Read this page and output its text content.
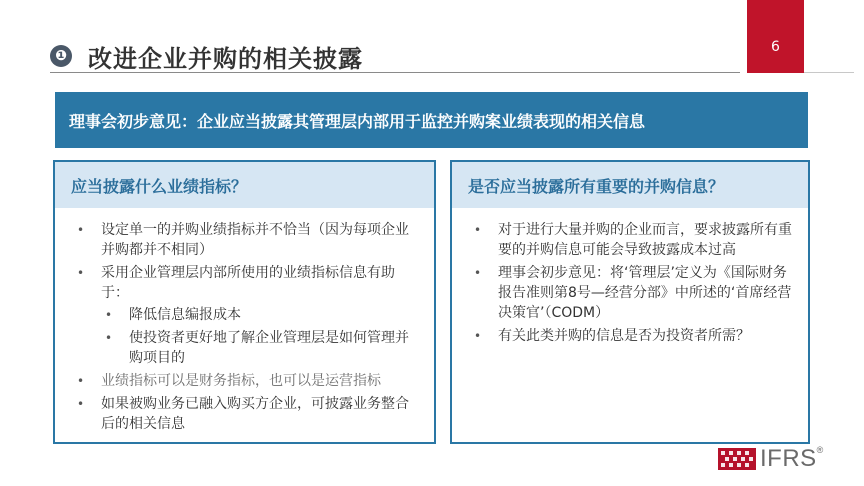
❶ 改进企业并购的相关披露	6
理事会初步意见：企业应当披露其管理层内部用于监控并购案业绩表现的相关信息
应当披露什么业绩指标？
• 设定单一的并购业绩指标并不恰当（因为每项企业并购都并不相同）
• 采用企业管理层内部所使用的业绩指标信息有助于：
• 降低信息编报成本
• 使投资者更好地了解企业管理层是如何管理并购项目的
• 业绩指标可以是财务指标，也可以是运营指标
• 如果被购业务已融入购买方企业，可披露业务整合后的相关信息
是否应当披露所有重要的并购信息？
• 对于进行大量并购的企业而言，要求披露所有重要的并购信息可能会导致披露成本过高
• 理事会初步意见：将‘管理层’定义为《国际财务报告准则第8号—经营分部》中所述的‘首席经营决策官’（CODM）
• 有关此类并购的信息是否为投资者所需？
IFRS®
